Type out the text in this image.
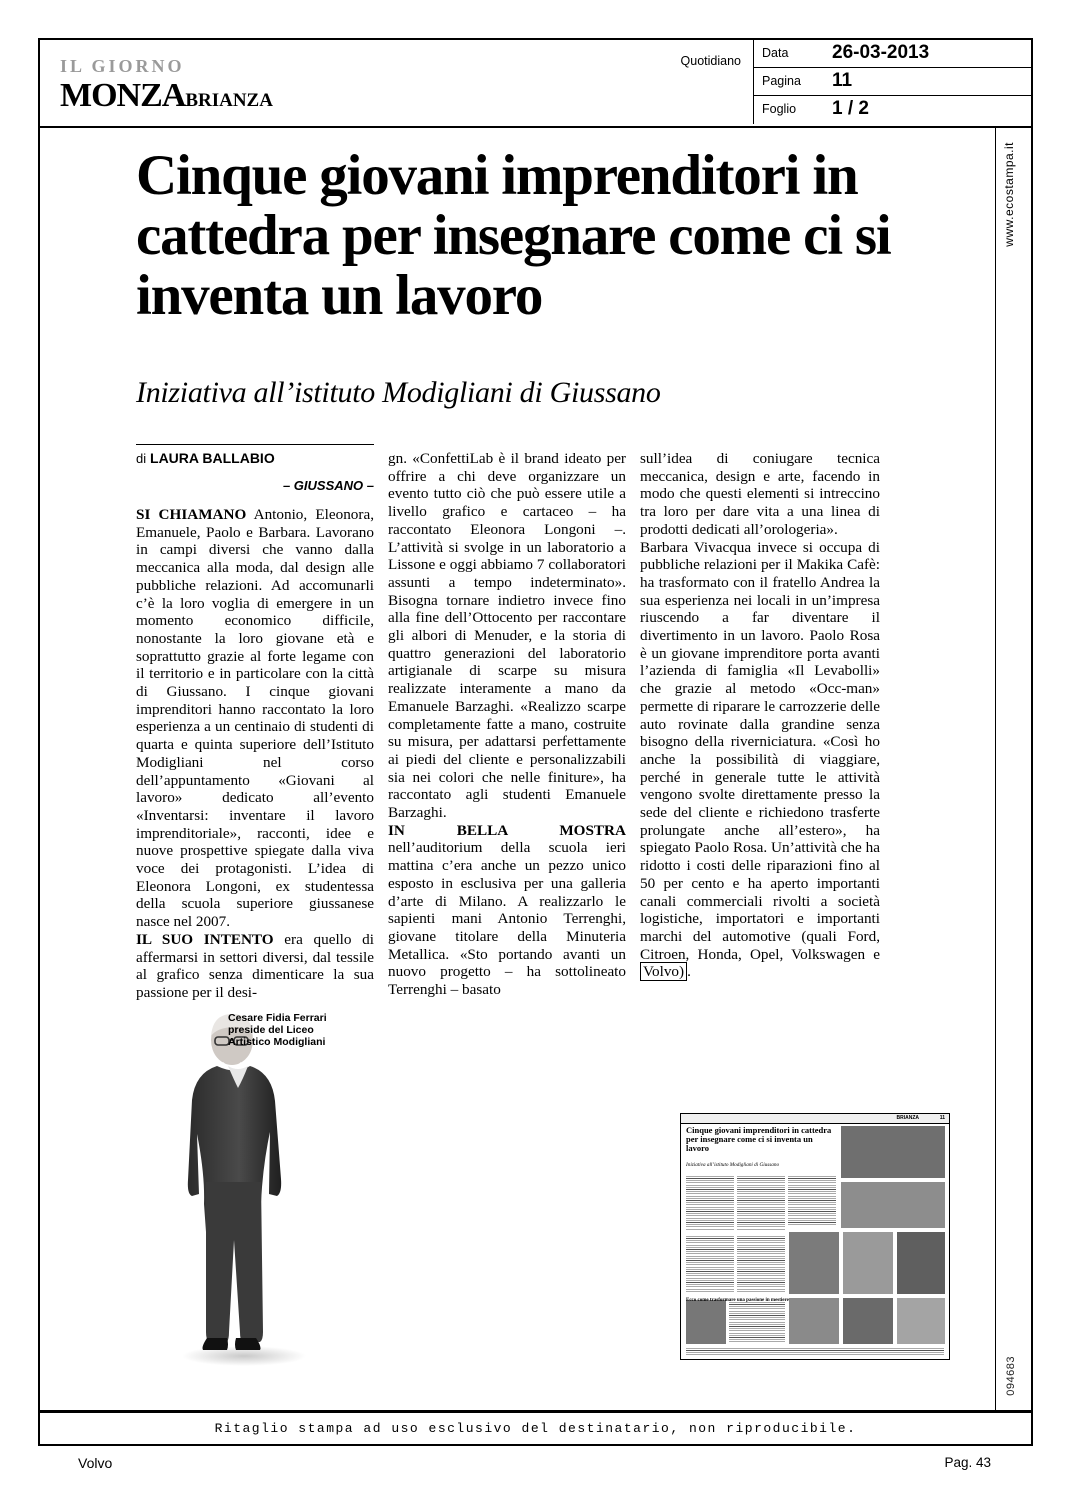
IL GIORNO
MONZABRIANZA
Quotidiano
Data 26-03-2013
Pagina 11
Foglio 1 / 2
www.ecostampa.it
094683
Cinque giovani imprenditori in cattedra per insegnare come ci si inventa un lavoro
Iniziativa all’istituto Modigliani di Giussano
di LAURA BALLABIO
– GIUSSANO –

SI CHIAMANO Antonio, Eleonora, Emanuele, Paolo e Barbara. Lavorano in campi diversi che vanno dalla meccanica alla moda, dal design alle pubbliche relazioni. Ad accomunarli c’è la loro voglia di emergere in un momento economico difficile, nonostante la loro giovane età e soprattutto grazie al forte legame con il territorio e in particolare con la città di Giussano. I cinque giovani imprenditori hanno raccontato la loro esperienza a un centinaio di studenti di quarta e quinta superiore dell’Istituto Modigliani nel corso dell’appuntamento «Giovani al lavoro» dedicato all’evento «Inventarsi: inventare il lavoro imprenditoriale», racconti, idee e nuove prospettive spiegate dalla viva voce dei protagonisti. L’idea di Eleonora Longoni, ex studentessa della scuola superiore giussanese nasce nel 2007.

IL SUO INTENTO era quello di affermarsi in settori diversi, dal tessile al grafico senza dimenticare la sua passione per il desi-

gn. «ConfettiLab è il brand ideato per offrire a chi deve organizzare un evento tutto ciò che può essere utile a livello grafico e cartaceo – ha raccontato Eleonora Longoni –. L’attività si svolge in un laboratorio a Lissone e oggi abbiamo 7 collaboratori assunti a tempo indeterminato». Bisogna tornare indietro invece fino alla fine dell’Ottocento per raccontare gli albori di Menuder, e la storia di quattro generazioni del laboratorio artigianale di scarpe su misura realizzate interamente a mano da Emanuele Barzaghi. «Realizzo scarpe completamente fatte a mano, costruite su misura, per adattarsi perfettamente ai piedi del cliente e personalizzabili sia nei colori che nelle finiture», ha raccontato agli studenti Emanuele Barzaghi.

IN BELLA MOSTRA nell’auditorium della scuola ieri mattina c’era anche un pezzo unico esposto in esclusiva per una galleria d’arte di Milano. A realizzarlo le sapienti mani Antonio Terrenghi, giovane titolare della Minuteria Metallica. «Sto portando avanti un nuovo progetto – ha sottolineato Terrenghi – basato

sull’idea di coniugare tecnica meccanica, design e arte, facendo in modo che questi elementi si intreccino tra loro per dare vita a una linea di prodotti dedicati all’orologeria».

Barbara Vivacqua invece si occupa di pubbliche relazioni per il Makika Cafè: ha trasformato con il fratello Andrea la sua esperienza nei locali in un’impresa riuscendo a far diventare il divertimento in un lavoro. Paolo Rosa è un giovane imprenditore porta avanti l’azienda di famiglia «Il Levabolli» che grazie al metodo «Occ-man» permette di riparare le carrozzerie delle auto rovinate dalla grandine senza bisogno della riverniciatura. «Così ho anche la possibilità di viaggiare, perché in generale tutte le attività vengono svolte direttamente presso la sede del cliente e richiedono trasferte prolungate anche all’estero», ha spiegato Paolo Rosa. Un’attività che ha ridotto i costi delle riparazioni fino al 50 per cento e ha aperto importanti canali commerciali rivolti a società logistiche, importatori e importanti marchi del automotive (quali Ford, Citroen, Honda, Opel, Volkswagen e Volvo) .

Cesare Fidia Ferrari preside del Liceo Artistico Modigliani
BRIANZA	11
Cinque giovani imprenditori in cattedra per insegnare come ci si inventa un lavoro
Iniziativa all’istituto Modigliani di Giussano
Ecco come trasformare una passione in mestiere
Ritaglio stampa ad uso esclusivo del destinatario, non riproducibile.
Volvo	Pag. 43
